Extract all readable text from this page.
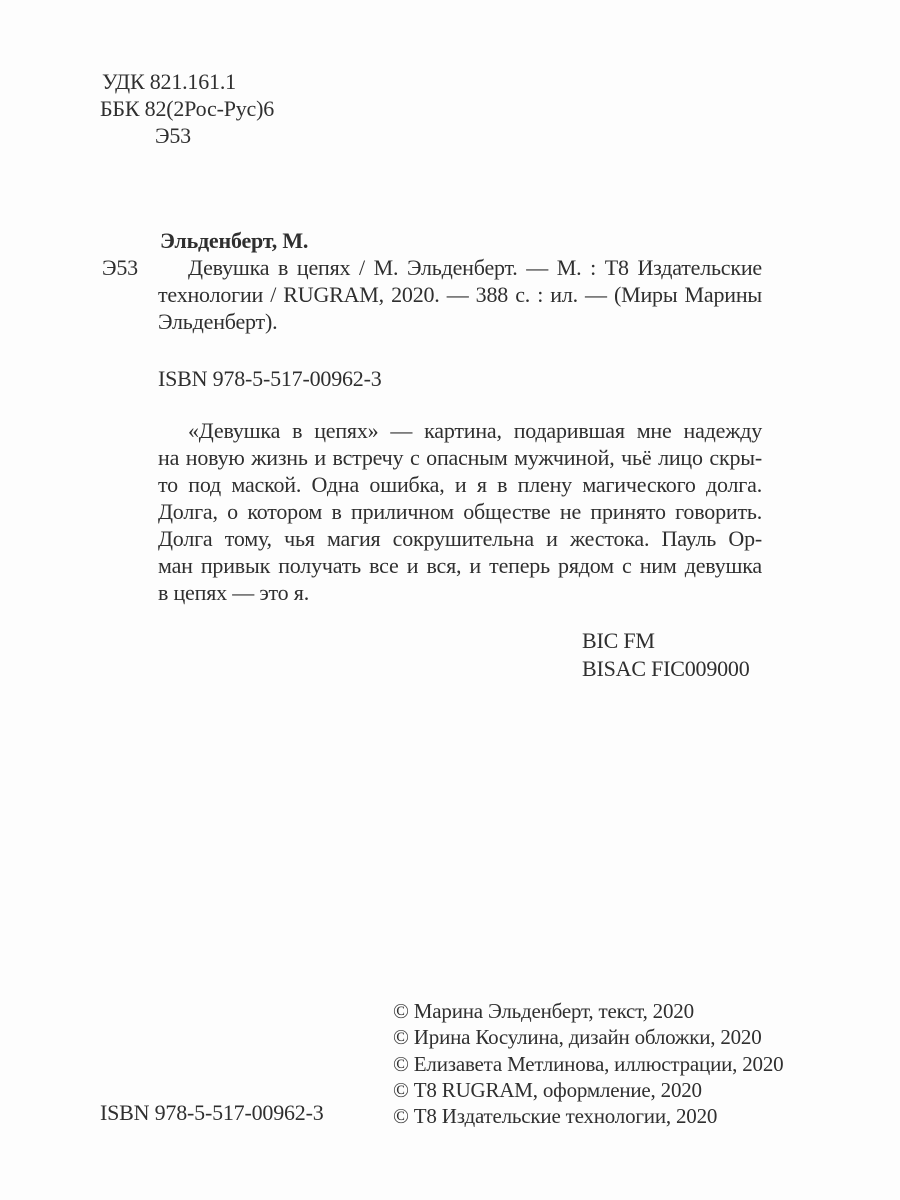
УДК 821.161.1
ББК 82(2Рос-Рус)6
Э53
Эльденберт, М.
Э53	Девушка в цепях / М. Эльденберт. — М. : Т8 Издательские
технологии / RUGRAM, 2020. — 388 с. : ил. — (Миры Марины
Эльденберт).
ISBN 978-5-517-00962-3
«Девушка в цепях» — картина, подарившая мне надежду
на новую жизнь и встречу с опасным мужчиной, чьё лицо скры-
то под маской. Одна ошибка, и я в плену магического долга.
Долга, о котором в приличном обществе не принято говорить.
Долга тому, чья магия сокрушительна и жестока. Пауль Ор-
ман привык получать все и вся, и теперь рядом с ним девушка
в цепях — это я.
BIC FM
BISAC FIC009000
© Марина Эльденберт, текст, 2020
© Ирина Косулина, дизайн обложки, 2020
© Елизавета Метлинова, иллюстрации, 2020
© Т8 RUGRAM, оформление, 2020
© Т8 Издательские технологии, 2020
ISBN 978-5-517-00962-3
